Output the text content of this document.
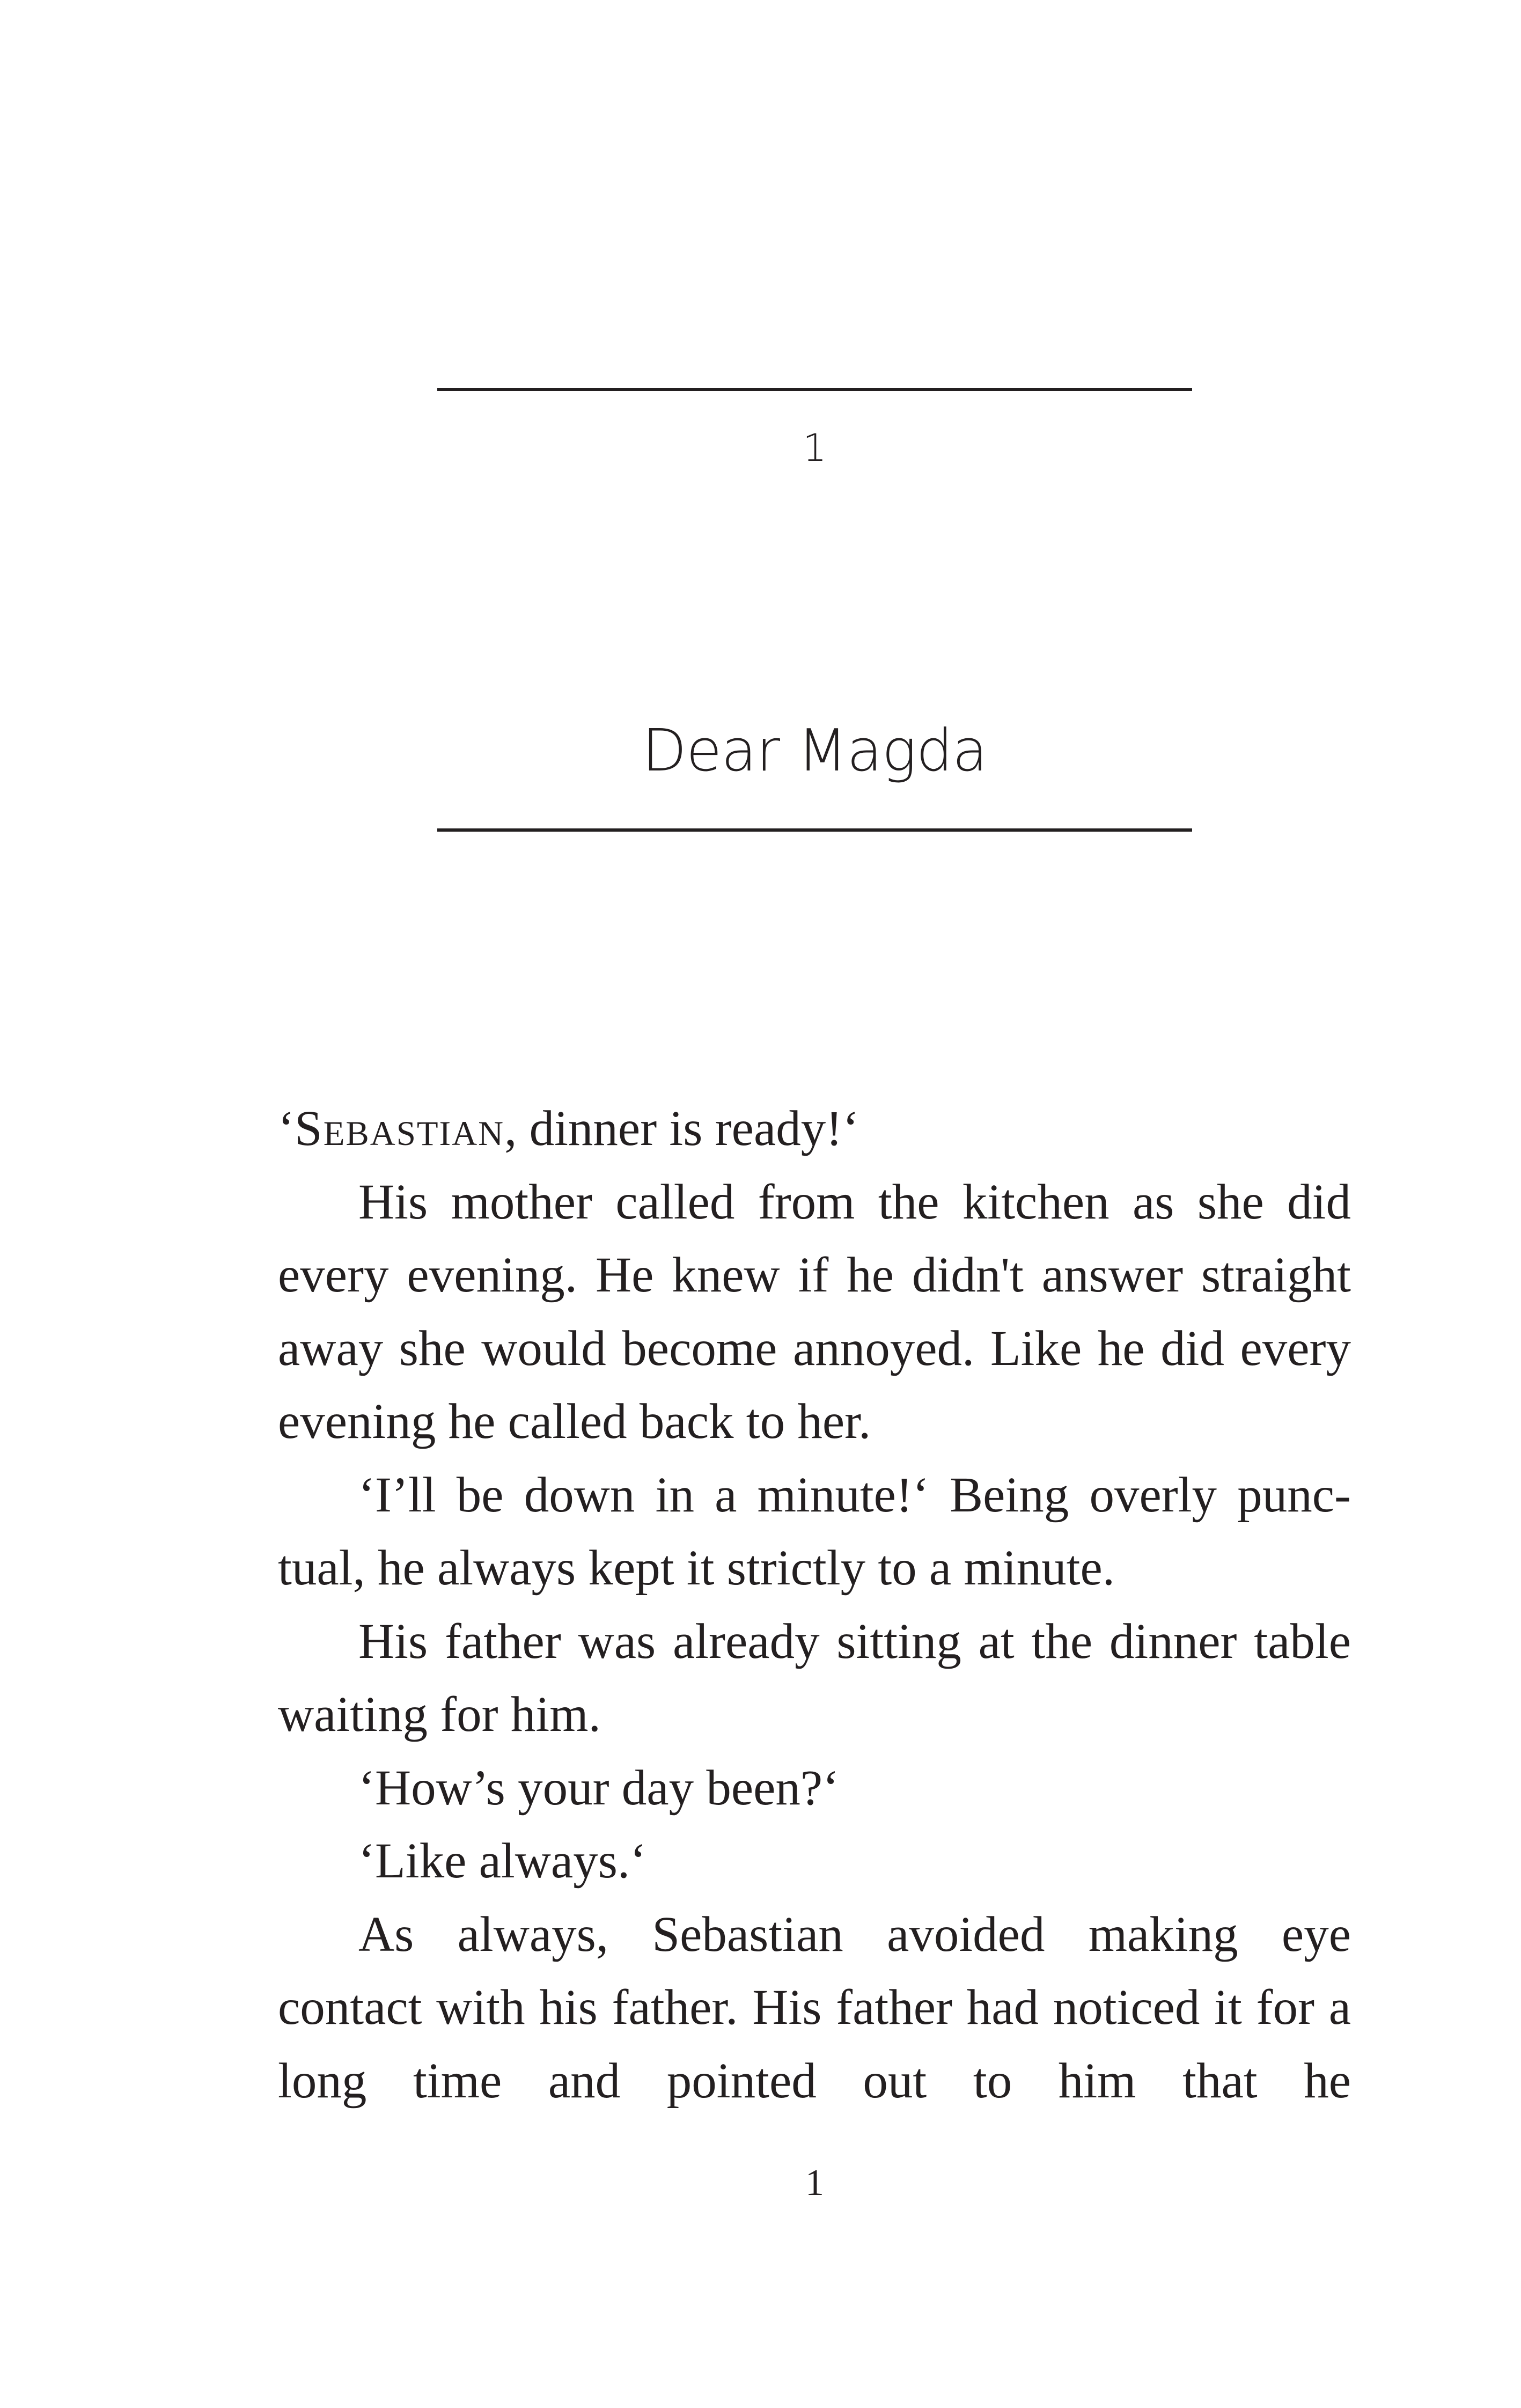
1
Dear Magda

‘Sebastian, dinner is ready!‘

His mother called from the kitchen as she did every evening. He knew if he didn't answer straight away she would become annoyed. Like he did every evening he called back to her.

‘I’ll be down in a minute!‘ Being overly punctual, he always kept it strictly to a minute.

His father was already sitting at the dinner table waiting for him.

‘How’s your day been?‘

‘Like always.‘

As always, Sebastian avoided making eye contact with his father. His father had noticed it for a long time and pointed out to him that he

1
